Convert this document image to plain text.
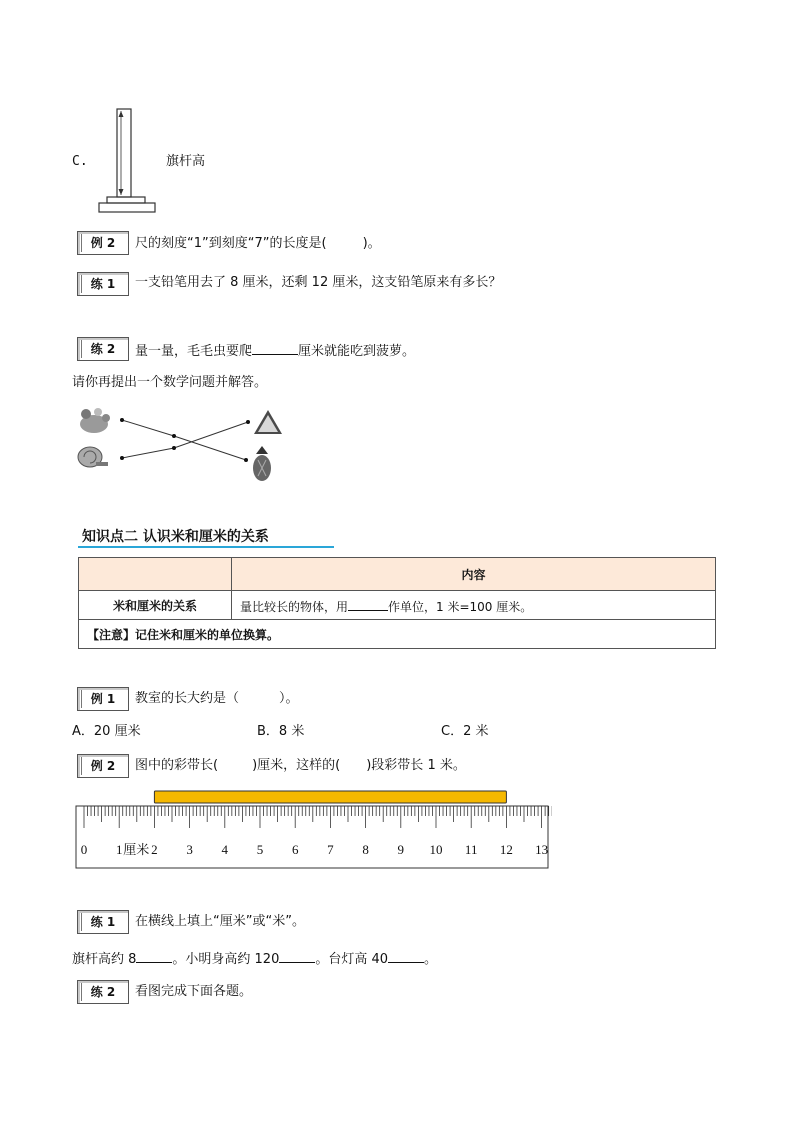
C.	旗杆高
例 2	尺的刻度“1”到刻度“7”的长度是(	)。
练 1	一支铅笔用去了 8 厘米，还剩 12 厘米，这支铅笔原来有多长？
练 2	量一量，毛毛虫要爬	厘米就能吃到菠萝。
请你再提出一个数学问题并解答。
知识点二 认识米和厘米的关系
	内容
米和厘米的关系	量比较长的物体，用 作单位，1 米=100 厘米。
【注意】记住米和厘米的单位换算。	
例 1	教室的长大约是（	）。
A．20 厘米	B．8 米	C．2 米
例 2	图中的彩带长(	)厘米，这样的( )段彩带长 1 米。
0 1 2 3 4 5 6 7 8 9 10 11 12 13
厘米
练 1	在横线上填上“厘米”或“米”。
旗杆高约 8	。小明身高约 120	。台灯高 40	。
练 2	看图完成下面各题。
